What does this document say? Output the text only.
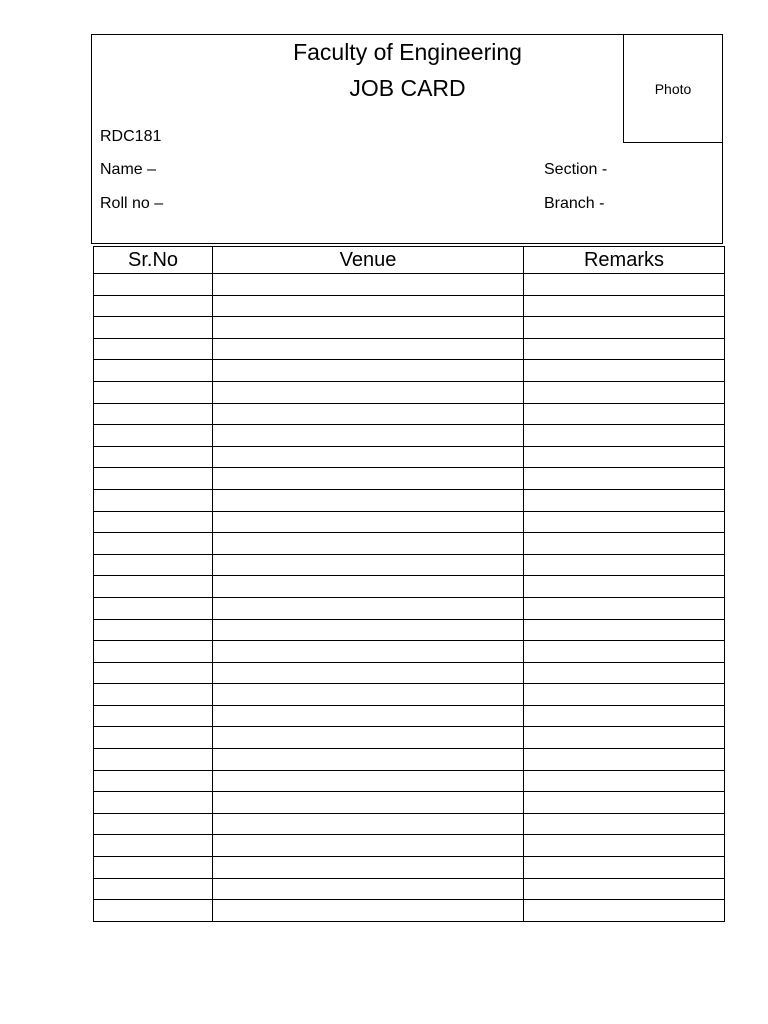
Faculty of Engineering
JOB CARD	Photo
RDC181
Name –
Roll no –
Section -
Branch -
Sr.No	Venue	Remarks
